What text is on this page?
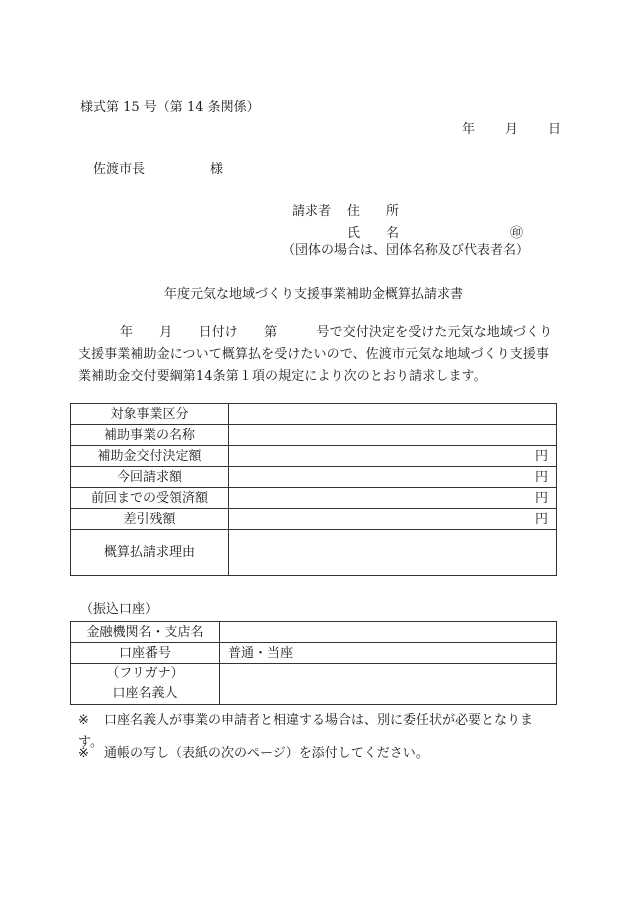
様式第 15 号（第 14 条関係）
年 月 日
佐渡市長	様
請求者 住　　所
氏　　名	㊞
（団体の場合は、団体名称及び代表者名）
年度元気な地域づくり支援事業補助金概算払請求書
年　　月　　日付け　　第　　　号で交付決定を受けた元気な地域づくり支援事業補助金について概算払を受けたいので、佐渡市元気な地域づくり支援事業補助金交付要綱第14条第１項の規定により次のとおり請求します。
対象事業区分	
補助事業の名称	
補助金交付決定額	円
今回請求額	円
前回までの受領済額	円
差引残額	円
概算払請求理由	
（振込口座）
金融機関名・支店名	
口座番号	普通・当座

（フリガナ）
口座名義人	

※ 口座名義人が事業の申請者と相違する場合は、別に委任状が必要となります。
※ 通帳の写し（表紙の次のページ）を添付してください。
